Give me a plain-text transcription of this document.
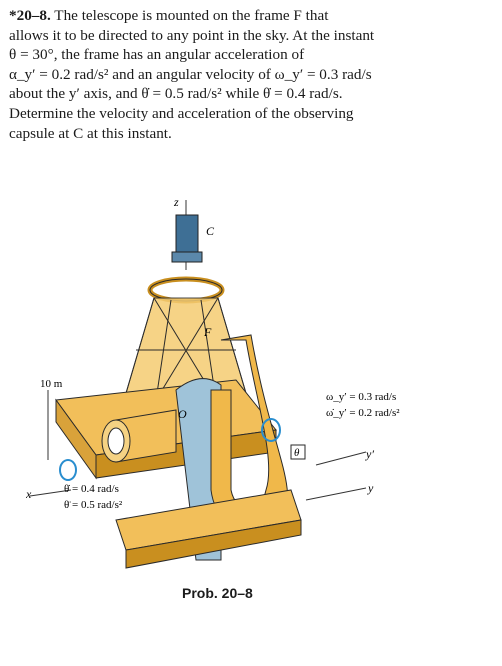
*20–8. The telescope is mounted on the frame F that

allows it to be directed to any point in the sky. At the instant

θ = 30°, the frame has an angular acceleration of

α_y′ = 0.2 rad/s² and an angular velocity of ω_y′ = 0.3 rad/s

about the y′ axis, and θ̇ = 0.5 rad/s² while θ̇ = 0.4 rad/s.

Determine the velocity and acceleration of the observing

capsule at C at this instant.

z
C
F
O
θ
10 m
x
y′
y
ω_y′ = 0.3 rad/s
ω̇_y′ = 0.2 rad/s²
θ̇ = 0.4 rad/s
θ̈ = 0.5 rad/s²
Prob. 20–8
